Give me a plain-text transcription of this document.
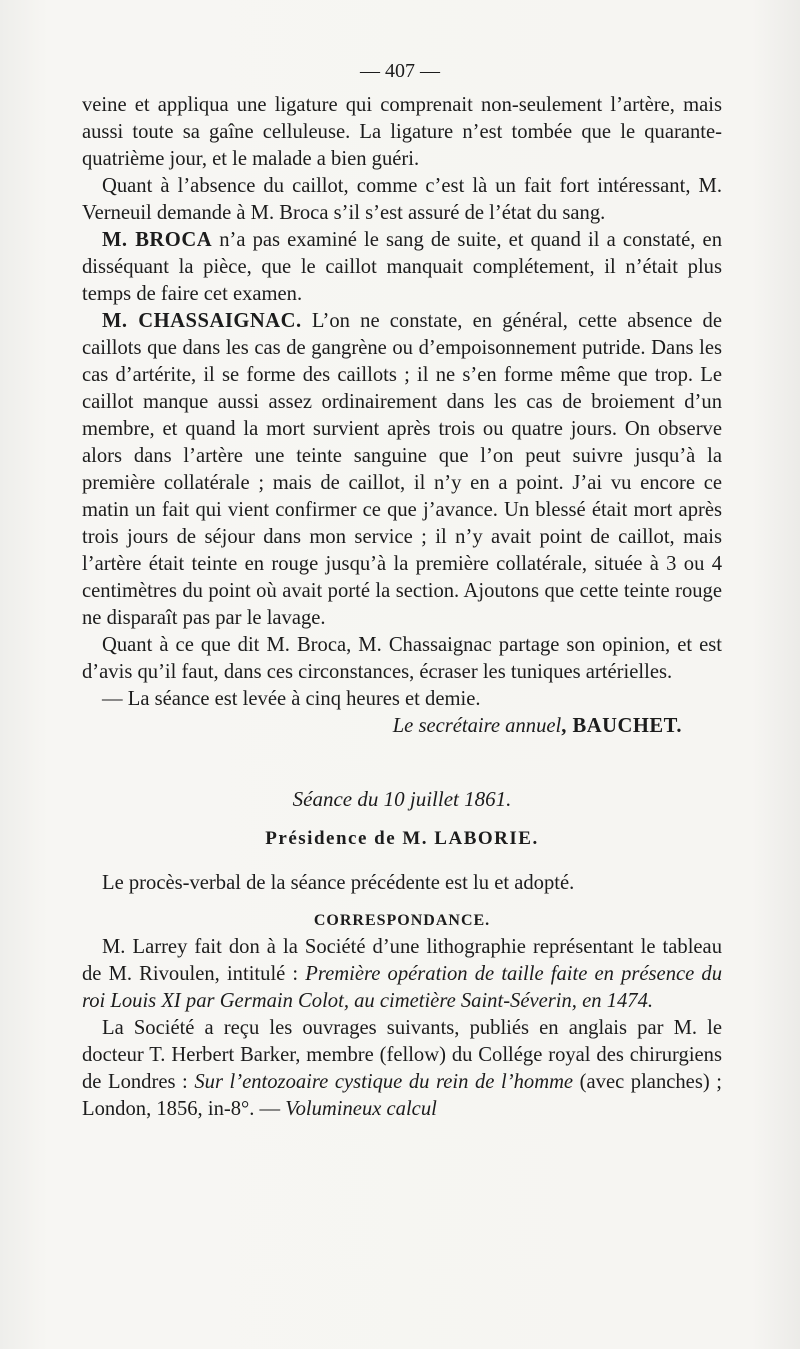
— 407 —

veine et appliqua une ligature qui comprenait non-seulement l’artère, mais aussi toute sa gaîne celluleuse. La ligature n’est tombée que le quarante-quatrième jour, et le malade a bien guéri.

Quant à l’absence du caillot, comme c’est là un fait fort intéressant, M. Verneuil demande à M. Broca s’il s’est assuré de l’état du sang.

M. BROCA n’a pas examiné le sang de suite, et quand il a constaté, en disséquant la pièce, que le caillot manquait complétement, il n’était plus temps de faire cet examen.

M. CHASSAIGNAC. L’on ne constate, en général, cette absence de caillots que dans les cas de gangrène ou d’empoisonnement putride. Dans les cas d’artérite, il se forme des caillots ; il ne s’en forme même que trop. Le caillot manque aussi assez ordinairement dans les cas de broiement d’un membre, et quand la mort survient après trois ou quatre jours. On observe alors dans l’artère une teinte sanguine que l’on peut suivre jusqu’à la première collatérale ; mais de caillot, il n’y en a point. J’ai vu encore ce matin un fait qui vient confirmer ce que j’avance. Un blessé était mort après trois jours de séjour dans mon service ; il n’y avait point de caillot, mais l’artère était teinte en rouge jusqu’à la première collatérale, située à 3 ou 4 centimètres du point où avait porté la section. Ajoutons que cette teinte rouge ne disparaît pas par le lavage.

Quant à ce que dit M. Broca, M. Chassaignac partage son opinion, et est d’avis qu’il faut, dans ces circonstances, écraser les tuniques artérielles.

— La séance est levée à cinq heures et demie.

Le secrétaire annuel, BAUCHET.

Séance du 10 juillet 1861.

Présidence de M. LABORIE.

Le procès-verbal de la séance précédente est lu et adopté.

CORRESPONDANCE.

M. Larrey fait don à la Société d’une lithographie représentant le tableau de M. Rivoulen, intitulé : Première opération de taille faite en présence du roi Louis XI par Germain Colot, au cimetière Saint-Séverin, en 1474.

La Société a reçu les ouvrages suivants, publiés en anglais par M. le docteur T. Herbert Barker, membre (fellow) du Collége royal des chirurgiens de Londres : Sur l’entozoaire cystique du rein de l’homme (avec planches) ; London, 1856, in-8°. — Volumineux calcul
